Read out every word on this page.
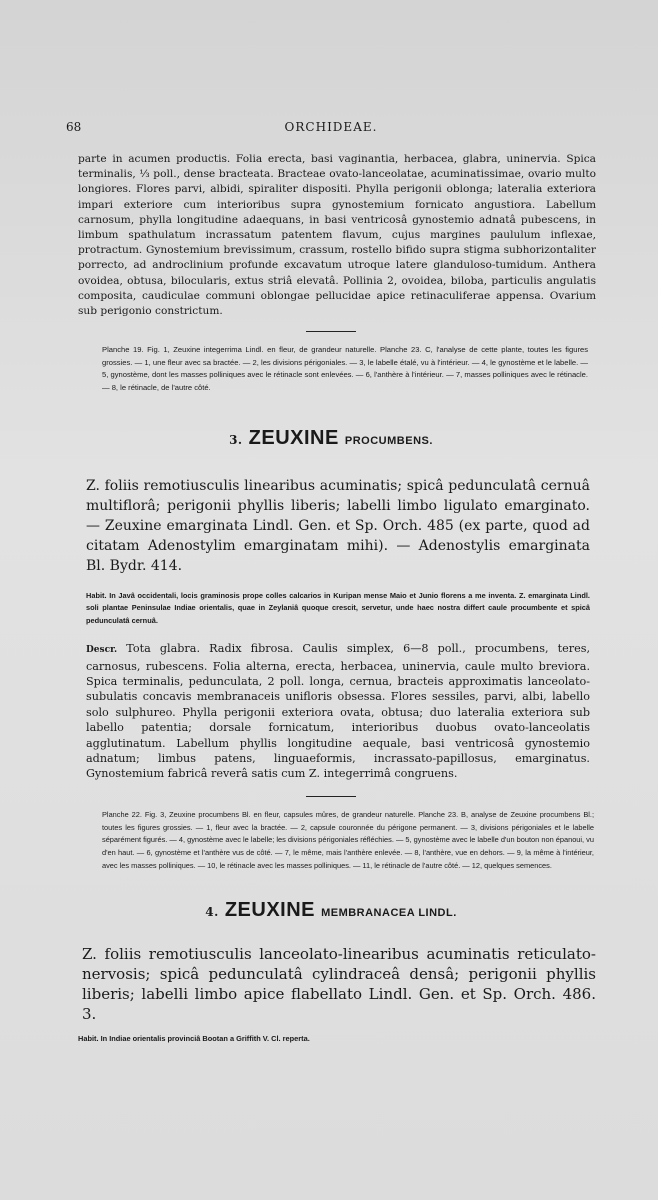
68	ORCHIDEAE.

parte in acumen productis. Folia erecta, basi vaginantia, herbacea, glabra, uninervia. Spica terminalis, ⅓ poll., dense bracteata. Bracteae ovato-lanceolatae, acuminatissimae, ovario multo longiores. Flores parvi, albidi, spiraliter dispositi. Phylla perigonii oblonga; lateralia exteriora impari exteriore cum interioribus supra gynostemium fornicato angustiora. Labellum carnosum, phylla longitudine adaequans, in basi ventricosâ gynostemio adnatâ pubescens, in limbum spathulatum incrassatum patentem flavum, cujus margines paululum inflexae, protractum. Gynostemium brevissimum, crassum, rostello bifido supra stigma subhorizontaliter porrecto, ad androclinium profunde excavatum utroque latere glanduloso-tumidum. Anthera ovoidea, obtusa, bilocularis, extus striâ elevatâ. Pollinia 2, ovoidea, biloba, particulis angulatis composita, caudiculae communi oblongae pellucidae apice retinaculiferae appensa. Ovarium sub perigonio constrictum.

Planche 19. Fig. 1, Zeuxine integerrima Lindl. en fleur, de grandeur naturelle. Planche 23. C, l'analyse de cette plante, toutes les figures grossies. — 1, une fleur avec sa bractée. — 2, les divisions périgoniales. — 3, le labelle étalé, vu à l'intérieur. — 4, le gynostème et le labelle. — 5, gynostème, dont les masses polliniques avec le rétinacle sont enlevées. — 6, l'anthère à l'intérieur. — 7, masses polliniques avec le rétinacle. — 8, le rétinacle, de l'autre côté.

3. ZEUXINE PROCUMBENS.

Z. foliis remotiusculis linearibus acuminatis; spicâ pedunculatâ cernuâ multiflorâ; perigonii phyllis liberis; labelli limbo ligulato emarginato. — Zeuxine emarginata Lindl. Gen. et Sp. Orch. 485 (ex parte, quod ad citatam Adenostylim emarginatam mihi). — Adenostylis emarginata Bl. Bydr. 414.

Habit. In Javâ occidentali, locis graminosis prope colles calcarios in Kuripan mense Maio et Junio florens a me inventa. Z. emarginata Lindl. soli plantae Peninsulae Indiae orientalis, quae in Zeylaniâ quoque crescit, servetur, unde haec nostra differt caule procumbente et spicâ pedunculatâ cernuâ.

Descr. Tota glabra. Radix fibrosa. Caulis simplex, 6—8 poll., procumbens, teres, carnosus, rubescens. Folia alterna, erecta, herbacea, uninervia, caule multo breviora. Spica terminalis, pedunculata, 2 poll. longa, cernua, bracteis approximatis lanceolato-subulatis concavis membranaceis unifloris obsessa. Flores sessiles, parvi, albi, labello solo sulphureo. Phylla perigonii exteriora ovata, obtusa; duo lateralia exteriora sub labello patentia; dorsale fornicatum, interioribus duobus ovato-lanceolatis agglutinatum. Labellum phyllis longitudine aequale, basi ventricosâ gynostemio adnatum; limbus patens, linguaeformis, incrassato-papillosus, emarginatus. Gynostemium fabricâ reverâ satis cum Z. integerrimâ congruens.

Planche 22. Fig. 3, Zeuxine procumbens Bl. en fleur, capsules mûres, de grandeur naturelle. Planche 23. B, analyse de Zeuxine procumbens Bl.; toutes les figures grossies. — 1, fleur avec la bractée. — 2, capsule couronnée du périgone permanent. — 3, divisions périgoniales et le labelle séparément figurés. — 4, gynostème avec le labelle; les divisions périgoniales réfléchies. — 5, gynostème avec le labelle d'un bouton non épanoui, vu d'en haut. — 6, gynostème et l'anthère vus de côté. — 7, le même, mais l'anthère enlevée. — 8, l'anthère, vue en dehors. — 9, la même à l'intérieur, avec les masses polliniques. — 10, le rétinacle avec les masses polliniques. — 11, le rétinacle de l'autre côté. — 12, quelques semences.

4. ZEUXINE MEMBRANACEA LINDL.

Z. foliis remotiusculis lanceolato-linearibus acuminatis reticulato-nervosis; spicâ pedunculatâ cylindraceâ densâ; perigonii phyllis liberis; labelli limbo apice flabellato Lindl. Gen. et Sp. Orch. 486. 3.

Habit. In Indiae orientalis provinciâ Bootan a Griffith V. Cl. reperta.
